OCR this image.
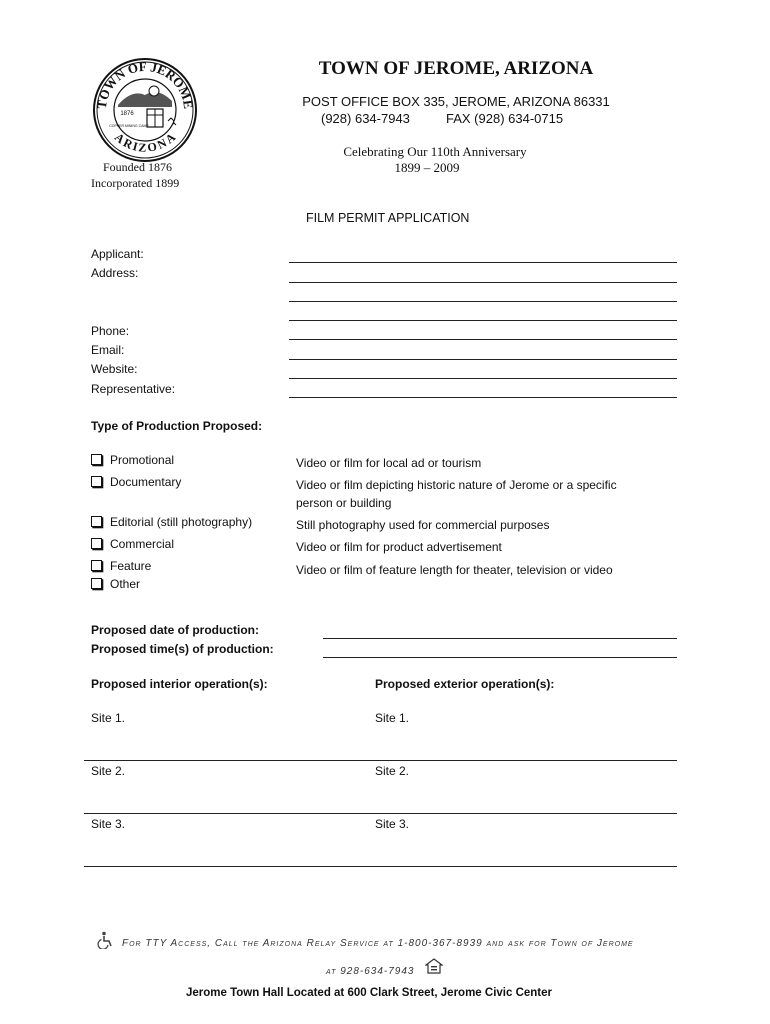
TOWN OF JEROME
ARIZONA
1876
COPPER MINING CAMP
Founded 1876
Incorporated 1899
TOWN OF JEROME, ARIZONA
POST OFFICE BOX 335, JEROME, ARIZONA 86331
(928) 634-7943	FAX (928) 634-0715
Celebrating Our 110th Anniversary
1899 – 2009
FILM PERMIT APPLICATION
Applicant:
Address:
Phone:
Email:
Website:
Representative:
Type of Production Proposed:
Promotional	Video or film for local ad or tourism
Documentary	Video or film depicting historic nature of Jerome or a specific
person or building
Editorial (still photography)	Still photography used for commercial purposes
Commercial	Video or film for product advertisement
Feature	Video or film of feature length for theater, television or video
Other
Proposed date of production:
Proposed time(s) of production:
Proposed interior operation(s):	Proposed exterior operation(s):
Site 1.	Site 1.
Site 2.	Site 2.
Site 3.	Site 3.
For TTY Access, Call the Arizona Relay Service at 1-800-367-8939 and ask for Town of Jerome
at 928-634-7943
Jerome Town Hall Located at 600 Clark Street, Jerome Civic Center
